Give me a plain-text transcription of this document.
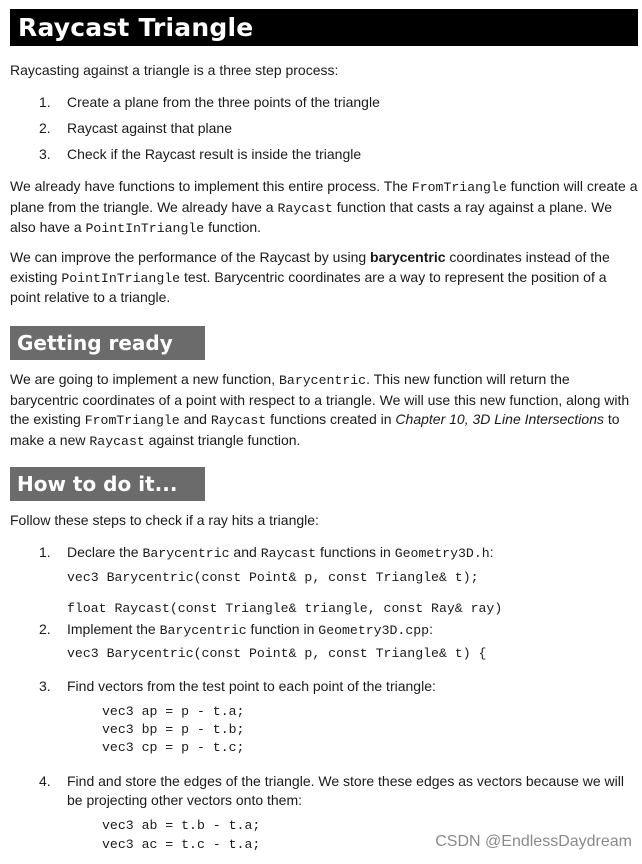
Raycast Triangle
Raycasting against a triangle is a three step process:
1.	Create a plane from the three points of the triangle
2.	Raycast against that plane
3.	Check if the Raycast result is inside the triangle
We already have functions to implement this entire process. The FromTriangle function will create a plane from the triangle. We already have a Raycast function that casts a ray against a plane. We also have a PointInTriangle function.
We can improve the performance of the Raycast by using barycentric coordinates instead of the existing PointInTriangle test. Barycentric coordinates are a way to represent the position of a point relative to a triangle.
Getting ready
We are going to implement a new function, Barycentric. This new function will return the barycentric coordinates of a point with respect to a triangle. We will use this new function, along with the existing FromTriangle and Raycast functions created in Chapter 10, 3D Line Intersections to make a new Raycast against triangle function.
How to do it...
Follow these steps to check if a ray hits a triangle:
1.	Declare the Barycentric and Raycast functions in Geometry3D.h:
vec3 Barycentric(const Point& p, const Triangle& t);
float Raycast(const Triangle& triangle, const Ray& ray)
2.	Implement the Barycentric function in Geometry3D.cpp:
vec3 Barycentric(const Point& p, const Triangle& t) {
3.	Find vectors from the test point to each point of the triangle:
vec3 ap = p - t.a;
vec3 bp = p - t.b;
vec3 cp = p - t.c;
4.	Find and store the edges of the triangle. We store these edges as vectors because we will be projecting other vectors onto them:
vec3 ab = t.b - t.a;
vec3 ac = t.c - t.a;	CSDN @EndlessDaydream
